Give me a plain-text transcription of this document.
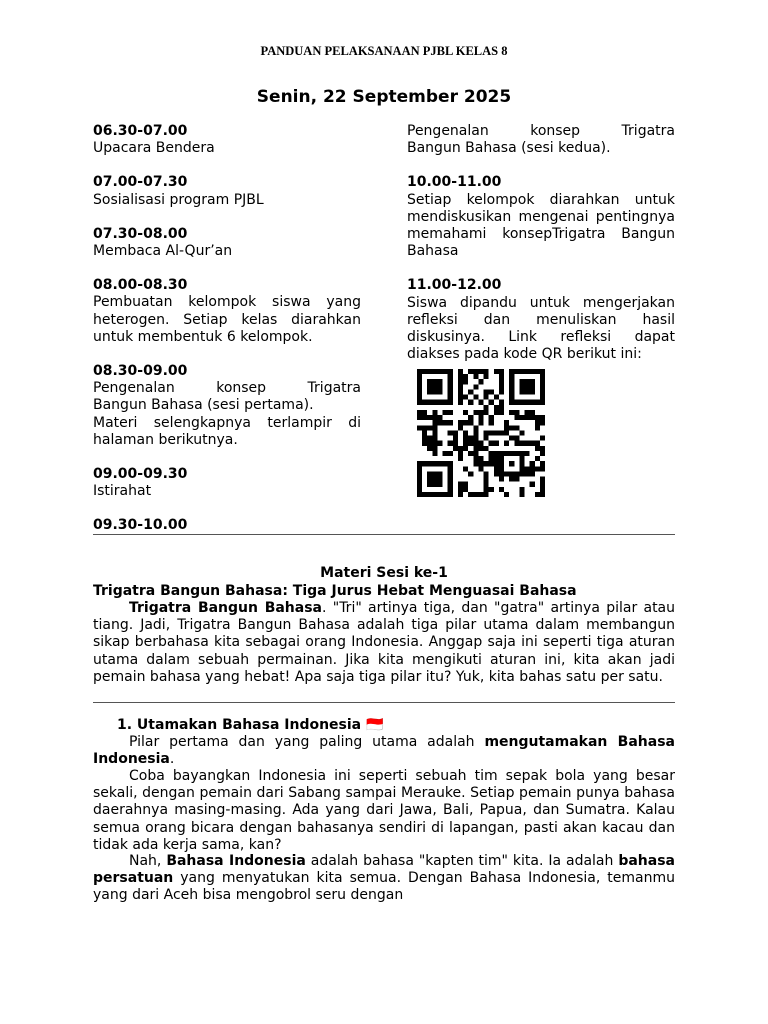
PANDUAN PELAKSANAAN PJBL KELAS 8
Senin, 22 September 2025
06.30-07.00
Upacara Bendera
07.00-07.30
Sosialisasi program PJBL
07.30-08.00
Membaca Al-Qur’an
08.00-08.30
Pembuatan kelompok siswa yang heterogen. Setiap kelas diarahkan untuk membentuk 6 kelompok.
08.30-09.00
Pengenalan konsep Trigatra
Bangun Bahasa (sesi pertama).
Materi selengkapnya terlampir di halaman berikutnya.
09.00-09.30
Istirahat
09.30-10.00
Pengenalan konsep Trigatra
Bangun Bahasa (sesi kedua).
10.00-11.00
Setiap kelompok diarahkan untuk mendiskusikan mengenai pentingnya memahami konsepTrigatra Bangun Bahasa
11.00-12.00
Siswa dipandu untuk mengerjakan refleksi dan menuliskan hasil diskusinya. Link refleksi dapat diakses pada kode QR berikut ini:
Materi Sesi ke-1
Trigatra Bangun Bahasa: Tiga Jurus Hebat Menguasai Bahasa
Trigatra Bangun Bahasa. "Tri" artinya tiga, dan "gatra" artinya pilar atau tiang. Jadi, Trigatra Bangun Bahasa adalah tiga pilar utama dalam membangun sikap berbahasa kita sebagai orang Indonesia. Anggap saja ini seperti tiga aturan utama dalam sebuah permainan. Jika kita mengikuti aturan ini, kita akan jadi pemain bahasa yang hebat! Apa saja tiga pilar itu? Yuk, kita bahas satu per satu.
1. Utamakan Bahasa Indonesia 🇮🇩
Pilar pertama dan yang paling utama adalah mengutamakan Bahasa Indonesia.
Coba bayangkan Indonesia ini seperti sebuah tim sepak bola yang besar sekali, dengan pemain dari Sabang sampai Merauke. Setiap pemain punya bahasa daerahnya masing-masing. Ada yang dari Jawa, Bali, Papua, dan Sumatra. Kalau semua orang bicara dengan bahasanya sendiri di lapangan, pasti akan kacau dan tidak ada kerja sama, kan?
Nah, Bahasa Indonesia adalah bahasa "kapten tim" kita. Ia adalah bahasa persatuan yang menyatukan kita semua. Dengan Bahasa Indonesia, temanmu yang dari Aceh bisa mengobrol seru dengan
